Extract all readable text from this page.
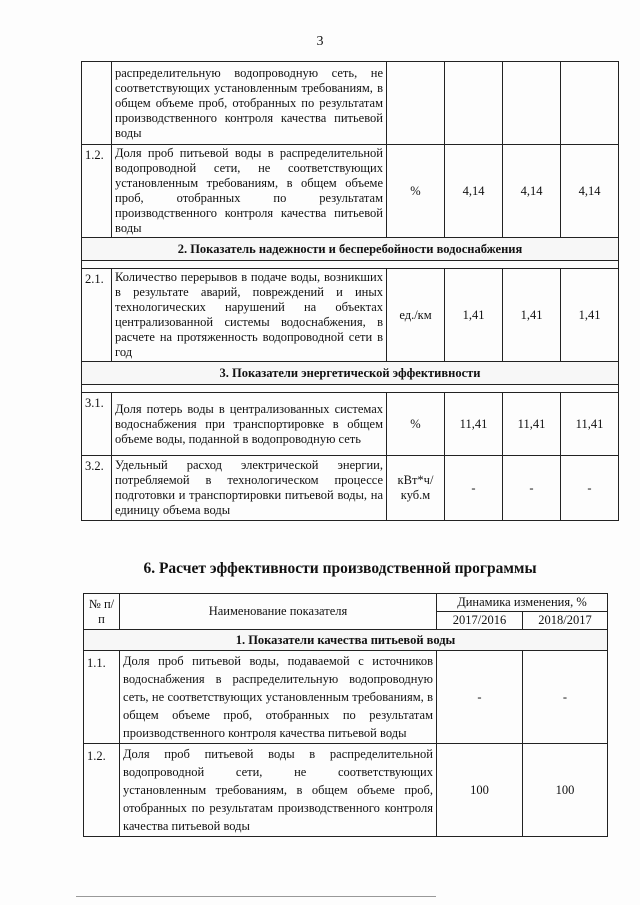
3
	распределительную водопроводную сеть, не соответствующих установленным требованиям, в общем объеме проб, отобранных по результатам производственного контроля качества питьевой воды				
1.2.	Доля проб питьевой воды в распределительной водопроводной сети, не соответствующих установленным требованиям, в общем объеме проб, отобранных по результатам производственного контроля качества питьевой воды	%	4,14	4,14	4,14
2. Показатель надежности и бесперебойности водоснабжения					

2.1.	Количество перерывов в подаче воды, возникших в результате аварий, повреждений и иных технологических нарушений на объектах централизованной системы водоснабжения, в расчете на протяженность водопроводной сети в год	ед./км	1,41	1,41	1,41
3. Показатели энергетической эффективности					

3.1.	Доля потерь воды в централизованных системах водоснабжения при транспортировке в общем объеме воды, поданной в водопроводную сеть	%	11,41	11,41	11,41
3.2.	Удельный расход электрической энергии, потребляемой в технологическом процессе подготовки и транспортировки питьевой воды, на единицу объема воды	кВт*ч/ куб.м	-	-	-
6. Расчет эффективности производственной программы
№ п/п	Наименование показателя	Динамика изменения, %	
		2017/2016	2018/2017
1. Показатели качества питьевой воды			
1.1.	Доля проб питьевой воды, подаваемой с источников водоснабжения в распределительную водопроводную сеть, не соответствующих установленным требованиям, в общем объеме проб, отобранных по результатам производственного контроля качества питьевой воды	-	-
1.2.	Доля проб питьевой воды в распределительной водопроводной сети, не соответствующих установленным требованиям, в общем объеме проб, отобранных по результатам производственного контроля качества питьевой воды	100	100
